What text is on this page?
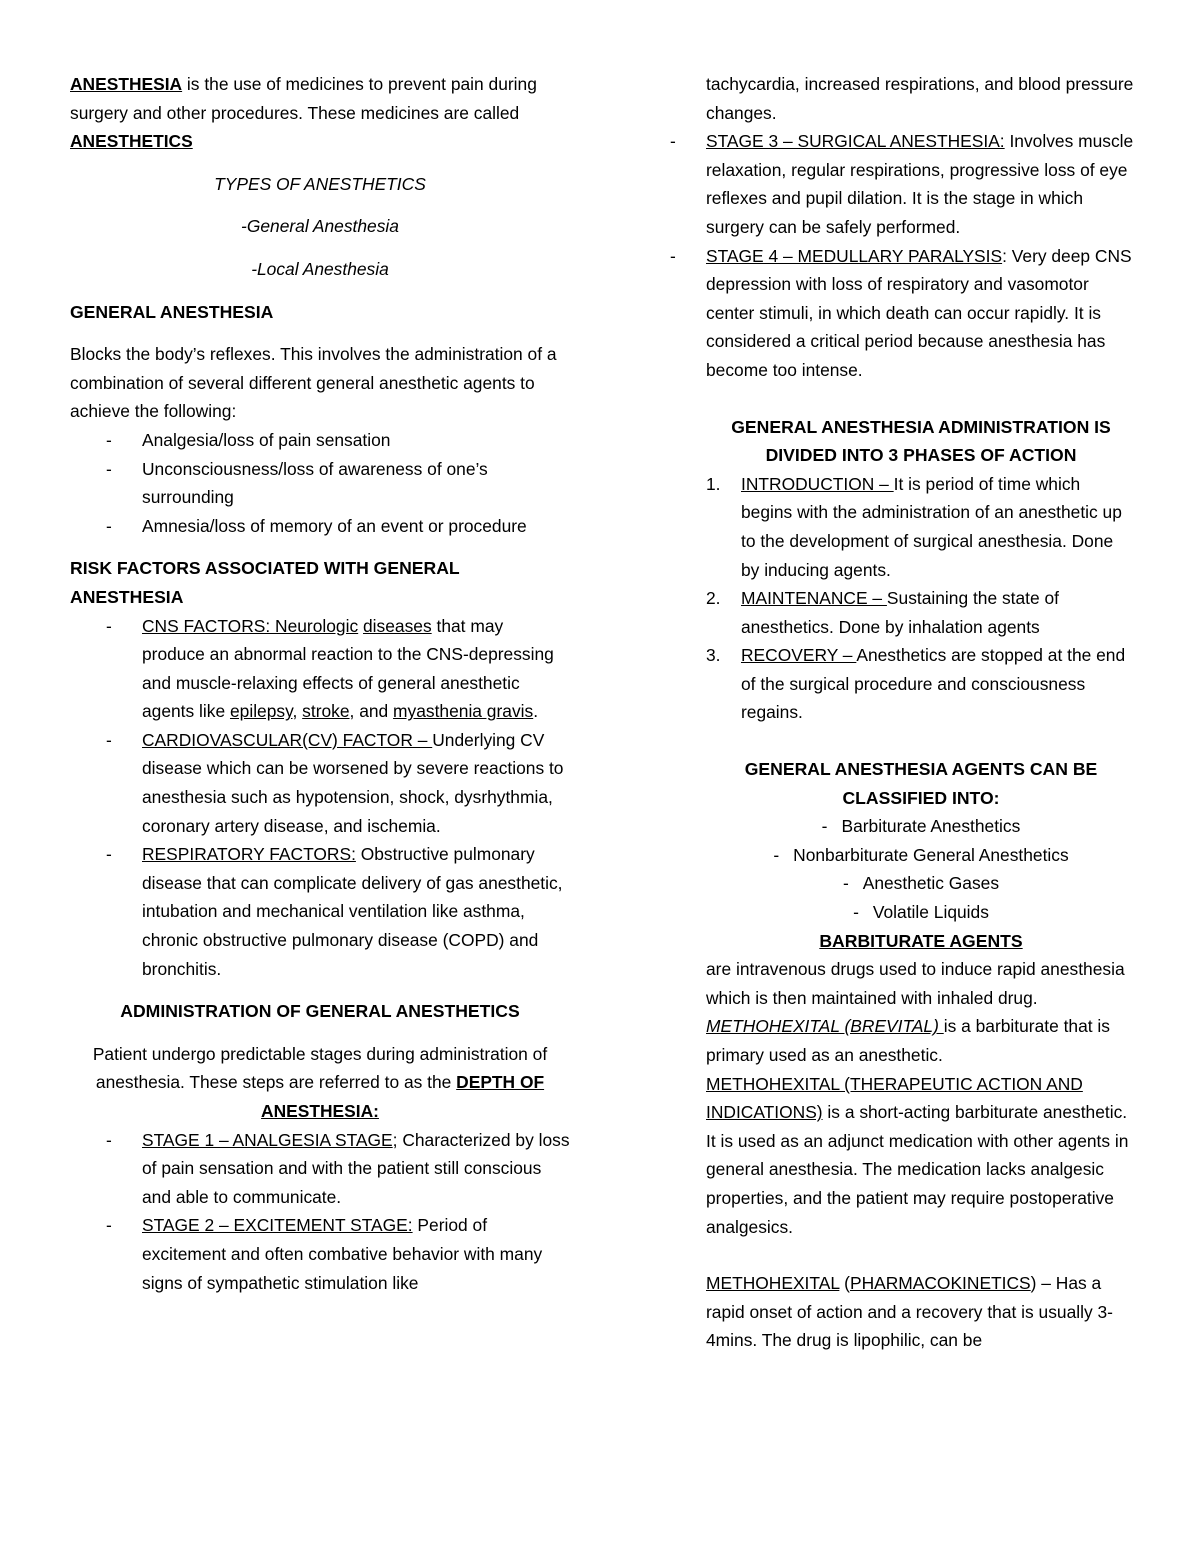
ANESTHESIA is the use of medicines to prevent pain during surgery and other procedures. These medicines are called ANESTHETICS

TYPES OF ANESTHETICS

-General Anesthesia

-Local Anesthesia

GENERAL ANESTHESIA

Blocks the body’s reflexes. This involves the administration of a combination of several different general anesthetic agents to achieve the following:

- Analgesia/loss of pain sensation
- Unconsciousness/loss of awareness of one’s surrounding
- Amnesia/loss of memory of an event or procedure

RISK FACTORS ASSOCIATED WITH GENERAL ANESTHESIA

- CNS FACTORS: Neurologic diseases that may produce an abnormal reaction to the CNS-depressing and muscle-relaxing effects of general anesthetic agents like epilepsy, stroke, and myasthenia gravis.
- CARDIOVASCULAR(CV) FACTOR – Underlying CV disease which can be worsened by severe reactions to anesthesia such as hypotension, shock, dysrhythmia, coronary artery disease, and ischemia.
- RESPIRATORY FACTORS: Obstructive pulmonary disease that can complicate delivery of gas anesthetic, intubation and mechanical ventilation like asthma, chronic obstructive pulmonary disease (COPD) and bronchitis.

ADMINISTRATION OF GENERAL ANESTHETICS

Patient undergo predictable stages during administration of anesthesia. These steps are referred to as the DEPTH OF ANESTHESIA:

- STAGE 1 – ANALGESIA STAGE; Characterized by loss of pain sensation and with the patient still conscious and able to communicate.
- STAGE 2 – EXCITEMENT STAGE: Period of excitement and often combative behavior with many signs of sympathetic stimulation like

tachycardia, increased respirations, and blood pressure changes.

- STAGE 3 – SURGICAL ANESTHESIA: Involves muscle relaxation, regular respirations, progressive loss of eye reflexes and pupil dilation. It is the stage in which surgery can be safely performed.
- STAGE 4 – MEDULLARY PARALYSIS: Very deep CNS depression with loss of respiratory and vasomotor center stimuli, in which death can occur rapidly. It is considered a critical period because anesthesia has become too intense.

GENERAL ANESTHESIA ADMINISTRATION IS DIVIDED INTO 3 PHASES OF ACTION

1. INTRODUCTION – It is period of time which begins with the administration of an anesthetic up to the development of surgical anesthesia. Done by inducing agents.
2. MAINTENANCE – Sustaining the state of anesthetics. Done by inhalation agents
3. RECOVERY – Anesthetics are stopped at the end of the surgical procedure and consciousness regains.

GENERAL ANESTHESIA AGENTS CAN BE CLASSIFIED INTO:

- Barbiturate Anesthetics
- Nonbarbiturate General Anesthetics
- Anesthetic Gases
- Volatile Liquids

BARBITURATE AGENTS

are intravenous drugs used to induce rapid anesthesia which is then maintained with inhaled drug.

METHOHEXITAL (BREVITAL) is a barbiturate that is primary used as an anesthetic.

METHOHEXITAL (THERAPEUTIC ACTION AND INDICATIONS) is a short-acting barbiturate anesthetic. It is used as an adjunct medication with other agents in general anesthesia. The medication lacks analgesic properties, and the patient may require postoperative analgesics.

METHOHEXITAL (PHARMACOKINETICS) – Has a rapid onset of action and a recovery that is usually 3-4mins. The drug is lipophilic, can be
